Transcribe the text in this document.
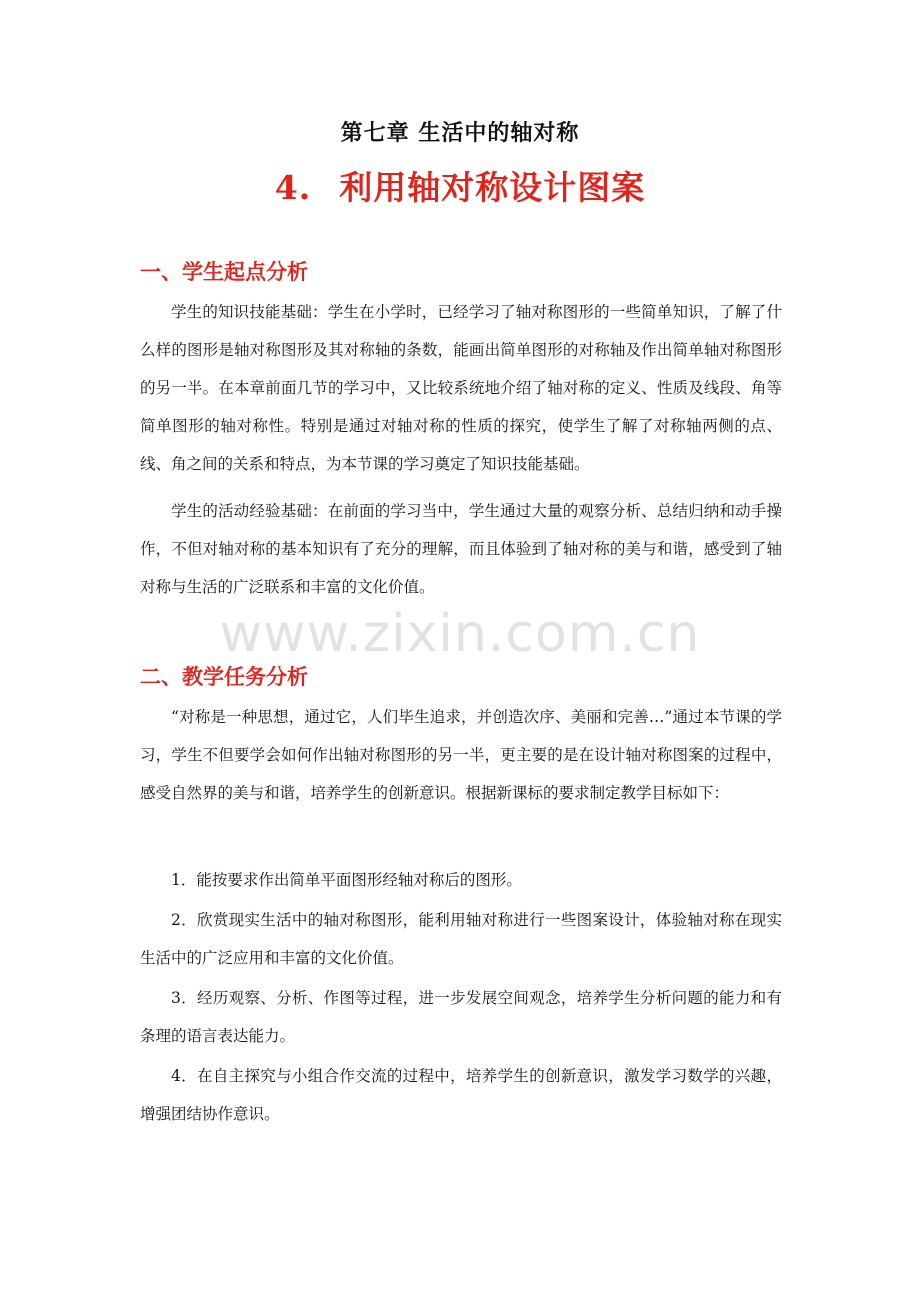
第七章 生活中的轴对称
4. 利用轴对称设计图案
一、学生起点分析
学生的知识技能基础：学生在小学时，已经学习了轴对称图形的一些简单知识，了解了什么样的图形是轴对称图形及其对称轴的条数，能画出简单图形的对称轴及作出简单轴对称图形的另一半。在本章前面几节的学习中，又比较系统地介绍了轴对称的定义、性质及线段、角等简单图形的轴对称性。特别是通过对轴对称的性质的探究，使学生了解了对称轴两侧的点、线、角之间的关系和特点，为本节课的学习奠定了知识技能基础。
学生的活动经验基础：在前面的学习当中，学生通过大量的观察分析、总结归纳和动手操作，不但对轴对称的基本知识有了充分的理解，而且体验到了轴对称的美与和谐，感受到了轴对称与生活的广泛联系和丰富的文化价值。
www.zixin.com.cn
二、教学任务分析
“对称是一种思想，通过它，人们毕生追求，并创造次序、美丽和完善…”通过本节课的学习，学生不但要学会如何作出轴对称图形的另一半，更主要的是在设计轴对称图案的过程中，感受自然界的美与和谐，培养学生的创新意识。根据新课标的要求制定教学目标如下：
1．能按要求作出简单平面图形经轴对称后的图形。
2．欣赏现实生活中的轴对称图形，能利用轴对称进行一些图案设计，体验轴对称在现实生活中的广泛应用和丰富的文化价值。
3．经历观察、分析、作图等过程，进一步发展空间观念，培养学生分析问题的能力和有条理的语言表达能力。
4．在自主探究与小组合作交流的过程中，培养学生的创新意识，激发学习数学的兴趣，增强团结协作意识。
